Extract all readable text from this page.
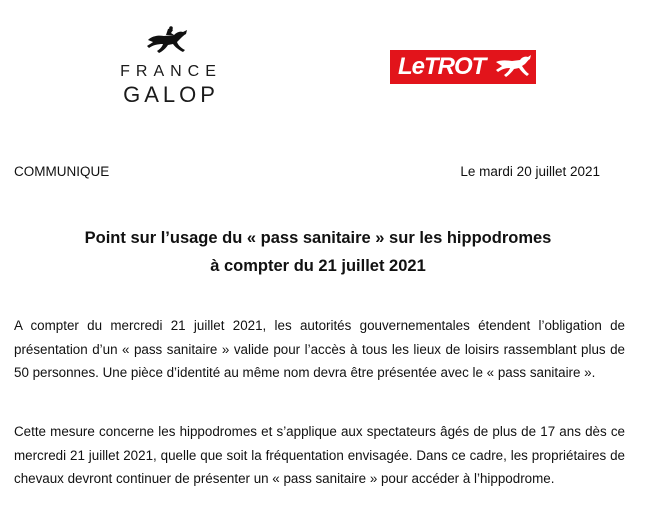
FRANCE
GALOP
LeTROT
COMMUNIQUE	Le mardi 20 juillet 2021
Point sur l’usage du « pass sanitaire » sur les hippodromes
à compter du 21 juillet 2021
A compter du mercredi 21 juillet 2021, les autorités gouvernementales étendent l’obligation de présentation d’un « pass sanitaire » valide pour l’accès à tous les lieux de loisirs rassemblant plus de 50 personnes. Une pièce d’identité au même nom devra être présentée avec le « pass sanitaire ».
Cette mesure concerne les hippodromes et s’applique aux spectateurs âgés de plus de 17 ans dès ce mercredi 21 juillet 2021, quelle que soit la fréquentation envisagée. Dans ce cadre, les propriétaires de chevaux devront continuer de présenter un « pass sanitaire » pour accéder à l’hippodrome.
